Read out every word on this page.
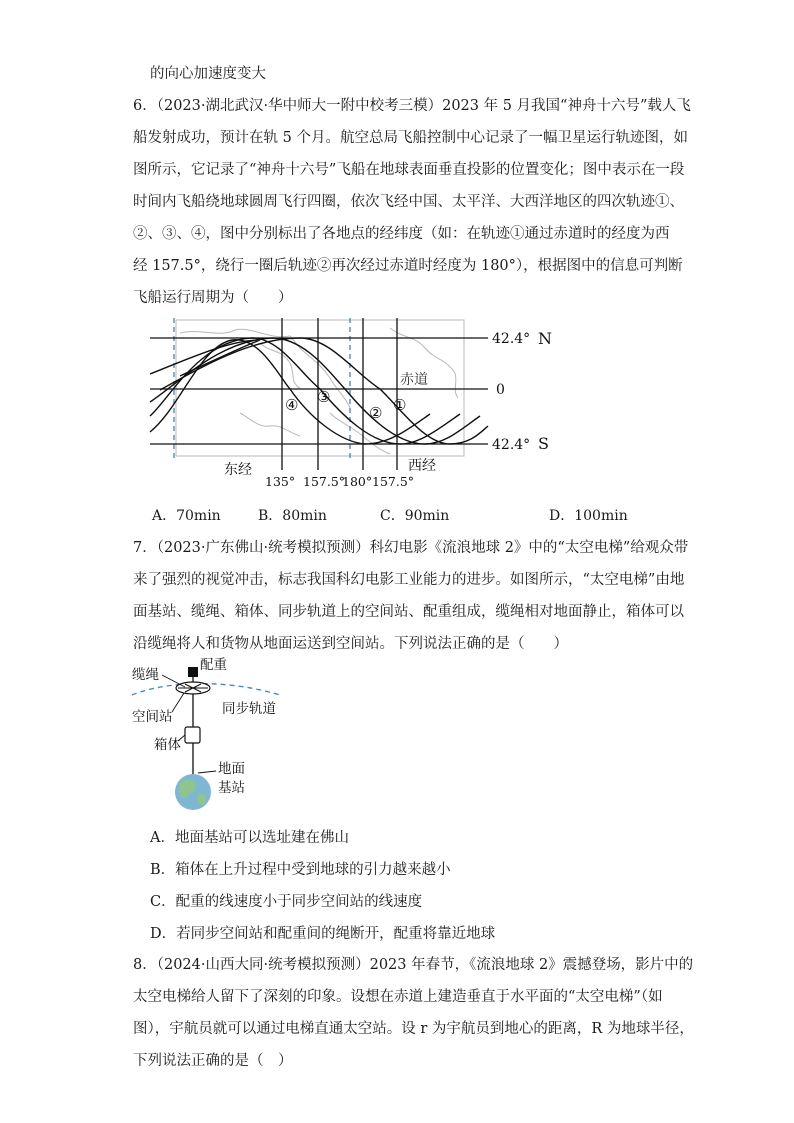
的向心加速度变大
6．（2023·湖北武汉·华中师大一附中校考三模）2023 年 5 月我国“神舟十六号”载人飞
船发射成功，预计在轨 5 个月。航空总局飞船控制中心记录了一幅卫星运行轨迹图，如
图所示，它记录了“神舟十六号”飞船在地球表面垂直投影的位置变化；图中表示在一段
时间内飞船绕地球圆周飞行四圈，依次飞经中国、太平洋、大西洋地区的四次轨迹①、
②、③、④，图中分别标出了各地点的经纬度（如：在轨迹①通过赤道时的经度为西
经 157.5°，绕行一圈后轨迹②再次经过赤道时经度为 180°），根据图中的信息可判断
飞船运行周期为（　　）
42.4° N
0
42.4° S
赤道
④ ③
② ①
东经	西经
135° 157.5°
180° 157.5°
A．70min	B．80min	C．90min	D．100min
7．（2023·广东佛山·统考模拟预测）科幻电影《流浪地球 2》中的“太空电梯”给观众带
来了强烈的视觉冲击，标志我国科幻电影工业能力的进步。如图所示，“太空电梯”由地
面基站、缆绳、箱体、同步轨道上的空间站、配重组成，缆绳相对地面静止，箱体可以
沿缆绳将人和货物从地面运送到空间站。下列说法正确的是（　　）
缆绳
配重
空间站	同步轨道
箱体
地面
基站
A．地面基站可以选址建在佛山
B．箱体在上升过程中受到地球的引力越来越小
C．配重的线速度小于同步空间站的线速度
D．若同步空间站和配重间的绳断开，配重将靠近地球
8．（2024·山西大同·统考模拟预测）2023 年春节，《流浪地球 2》震撼登场，影片中的
太空电梯给人留下了深刻的印象。设想在赤道上建造垂直于水平面的“太空电梯”（如
图），宇航员就可以通过电梯直通太空站。设 r 为宇航员到地心的距离，R 为地球半径，
下列说法正确的是（　）
